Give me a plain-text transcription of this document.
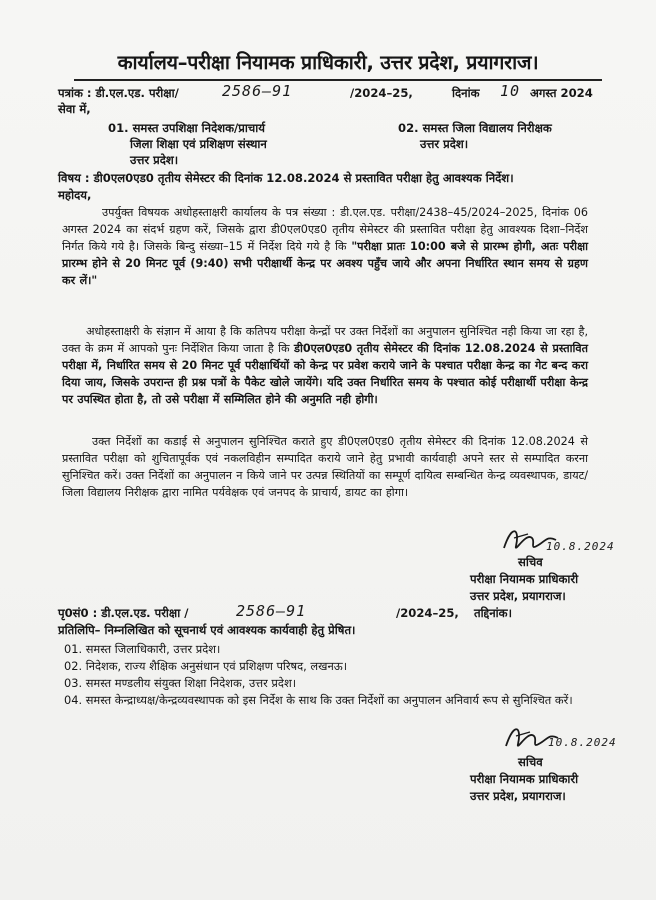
कार्यालय–परीक्षा नियामक प्राधिकारी, उत्तर प्रदेश, प्रयागराज।
पत्रांक : डी.एल.एड. परीक्षा/	2586–91	/2024–25,	दिनांक 10 अगस्त 2024
सेवा में,
01. समस्त उपशिक्षा निदेशक/प्राचार्य
जिला शिक्षा एवं प्रशिक्षण संस्थान
उत्तर प्रदेश।
02. समस्त जिला विद्यालय निरीक्षक
उत्तर प्रदेश।
विषय : डी0एल0एड0 तृतीय सेमेस्टर की दिनांक 12.08.2024 से प्रस्तावित परीक्षा हेतु आवश्यक निर्देश।
महोदय,
उपर्युक्त विषयक अधोहस्ताक्षरी कार्यालय के पत्र संख्या : डी.एल.एड. परीक्षा/2438–45/2024–2025, दिनांक 06 अगस्त 2024 का संदर्भ ग्रहण करें, जिसके द्वारा डी0एल0एड0 तृतीय सेमेस्टर की प्रस्तावित परीक्षा हेतु आवश्यक दिशा–निर्देश निर्गत किये गये है। जिसके बिन्दु संख्या–15 में निर्देश दिये गये है कि "परीक्षा प्रातः 10:00 बजे से प्रारम्भ होगी, अतः परीक्षा प्रारम्भ होने से 20 मिनट पूर्व (9:40) सभी परीक्षार्थी केन्द्र पर अवश्य पहुँच जाये और अपना निर्धारित स्थान समय से ग्रहण कर लें।"
अधोहस्ताक्षरी के संज्ञान में आया है कि कतिपय परीक्षा केन्द्रों पर उक्त निर्देशों का अनुपालन सुनिश्चित नही किया जा रहा है, उक्त के क्रम में आपको पुनः निर्देशित किया जाता है कि डी0एल0एड0 तृतीय सेमेस्टर की दिनांक 12.08.2024 से प्रस्तावित परीक्षा में, निर्धारित समय से 20 मिनट पूर्व परीक्षार्थियों को केन्द्र पर प्रवेश कराये जाने के पश्चात परीक्षा केन्द्र का गेट बन्द करा दिया जाय, जिसके उपरान्त ही प्रश्न पत्रों के पैकेट खोले जायेंगे। यदि उक्त निर्धारित समय के पश्चात कोई परीक्षार्थी परीक्षा केन्द्र पर उपस्थित होता है, तो उसे परीक्षा में सम्मिलित होने की अनुमति नही होगी।
उक्त निर्देशों का कडाई से अनुपालन सुनिश्चित कराते हुए डी0एल0एड0 तृतीय सेमेस्टर की दिनांक 12.08.2024 से प्रस्तावित परीक्षा को शुचितापूर्वक एवं नकलविहीन सम्पादित कराये जाने हेतु प्रभावी कार्यवाही अपने स्तर से सम्पादित करना सुनिश्चित करें। उक्त निर्देशों का अनुपालन न किये जाने पर उत्पन्न स्थितियों का सम्पूर्ण दायित्व सम्बन्धित केन्द्र व्यवस्थापक, डायट/जिला विद्यालय निरीक्षक द्वारा नामित पर्यवेक्षक एवं जनपद के प्राचार्य, डायट का होगा।
10.8.2024
सचिव
परीक्षा नियामक प्राधिकारी
उत्तर प्रदेश, प्रयागराज।
पृ0सं0 : डी.एल.एड. परीक्षा /	2586–91	/2024–25, तद्दिनांक।
प्रतिलिपि– निम्नलिखित को सूचनार्थ एवं आवश्यक कार्यवाही हेतु प्रेषित।
01. समस्त जिलाधिकारी, उत्तर प्रदेश।
02. निदेशक, राज्य शैक्षिक अनुसंधान एवं प्रशिक्षण परिषद, लखनऊ।
03. समस्त मण्डलीय संयुक्त शिक्षा निदेशक, उत्तर प्रदेश।
04. समस्त केन्द्राध्यक्ष/केन्द्रव्यवस्थापक को इस निर्देश के साथ कि उक्त निर्देशों का अनुपालन अनिवार्य रूप से सुनिश्चित करें।
10.8.2024
सचिव
परीक्षा नियामक प्राधिकारी
उत्तर प्रदेश, प्रयागराज।
